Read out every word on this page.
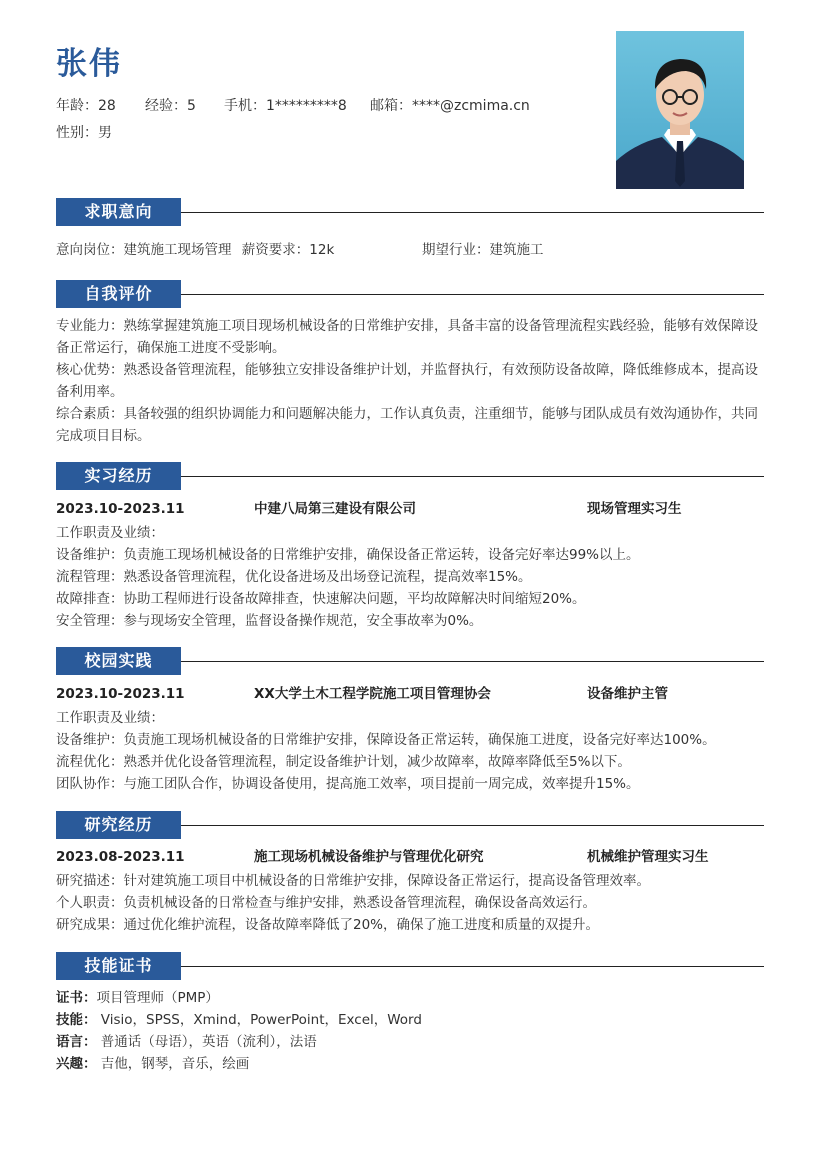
张伟
年龄：28 经验：5 手机：1*********8 邮箱：****@zcmima.cn
性别：男
求职意向
意向岗位：建筑施工现场管理 薪资要求：12k	期望行业：建筑施工
自我评价
专业能力：熟练掌握建筑施工项目现场机械设备的日常维护安排，具备丰富的设备管理流程实践经验，能够有效保障设备正常运行，确保施工进度不受影响。
核心优势：熟悉设备管理流程，能够独立安排设备维护计划，并监督执行，有效预防设备故障，降低维修成本，提高设备利用率。
综合素质：具备较强的组织协调能力和问题解决能力，工作认真负责，注重细节，能够与团队成员有效沟通协作，共同完成项目目标。
实习经历
2023.10-2023.11	中建八局第三建设有限公司	现场管理实习生
工作职责及业绩：
设备维护：负责施工现场机械设备的日常维护安排，确保设备正常运转，设备完好率达99%以上。
流程管理：熟悉设备管理流程，优化设备进场及出场登记流程，提高效率15%。
故障排查：协助工程师进行设备故障排查，快速解决问题，平均故障解决时间缩短20%。
安全管理：参与现场安全管理，监督设备操作规范，安全事故率为0%。
校园实践
2023.10-2023.11	XX大学土木工程学院施工项目管理协会	设备维护主管
工作职责及业绩：
设备维护：负责施工现场机械设备的日常维护安排，保障设备正常运转，确保施工进度，设备完好率达100%。
流程优化：熟悉并优化设备管理流程，制定设备维护计划，减少故障率，故障率降低至5%以下。
团队协作：与施工团队合作，协调设备使用，提高施工效率，项目提前一周完成，效率提升15%。
研究经历
2023.08-2023.11	施工现场机械设备维护与管理优化研究	机械维护管理实习生
研究描述：针对建筑施工项目中机械设备的日常维护安排，保障设备正常运行，提高设备管理效率。
个人职责：负责机械设备的日常检查与维护安排，熟悉设备管理流程，确保设备高效运行。
研究成果：通过优化维护流程，设备故障率降低了20%，确保了施工进度和质量的双提升。
技能证书
证书：项目管理师（PMP）
技能： Visio，SPSS，Xmind，PowerPoint，Excel，Word
语言： 普通话（母语），英语（流利），法语
兴趣： 吉他，钢琴，音乐，绘画
